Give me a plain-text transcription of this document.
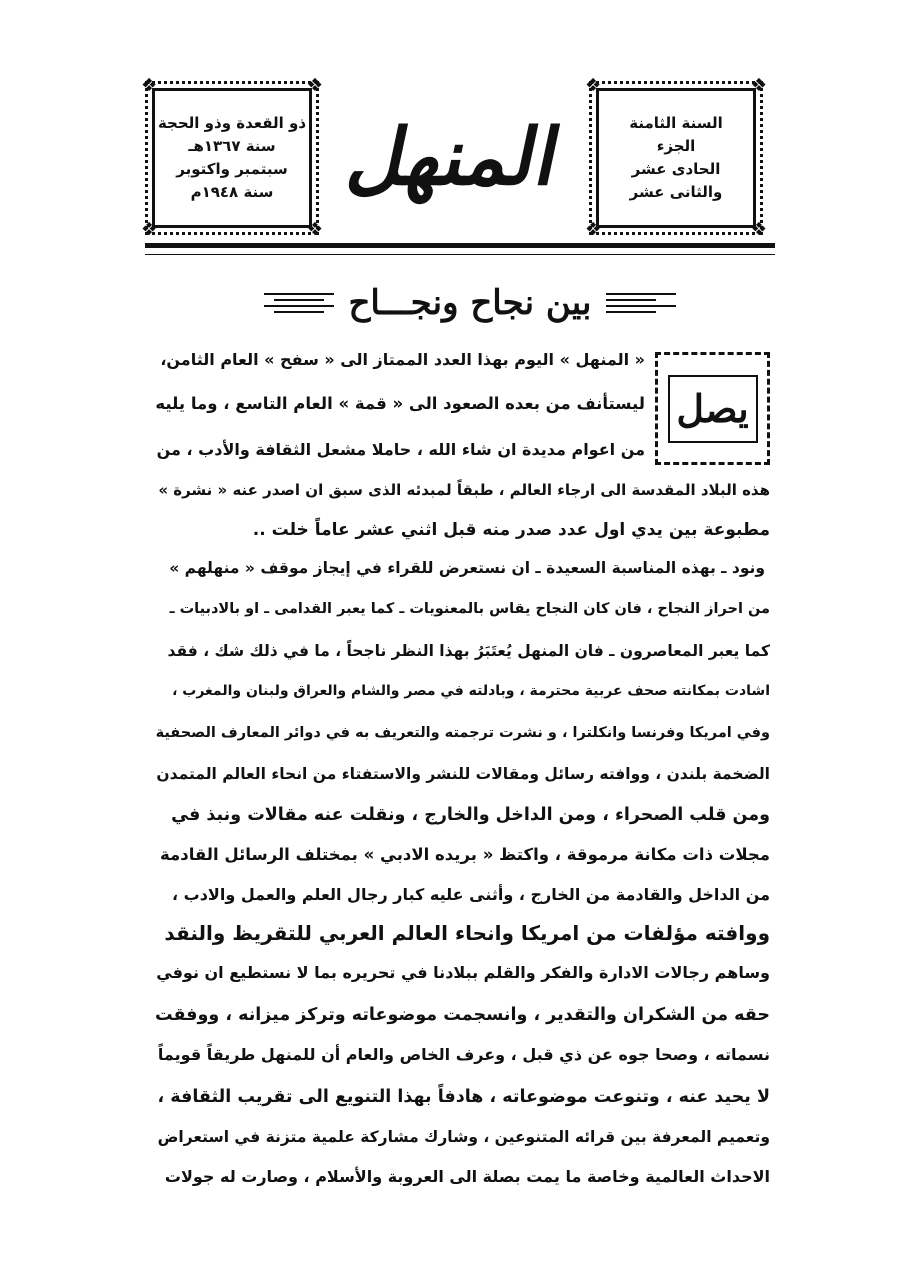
❖	❖
❖	❖
ذو القعدة وذو الحجة
سنة ١٣٦٧هـ
سبتمبر واكتوبر
سنة ١٩٤٨م المنهل
❖	❖
❖	❖
السنة الثامنة
الجزء
الحادى عشر
والثانى عشر
بين نجاح ونجـــاح
يصل
« المنهل » اليوم بهذا العدد الممتاز الى « سفح » العام الثامن،
ليستأنف من بعده الصعود الى « قمة » العام التاسع ، وما يليه
من اعوام مديدة ان شاء الله ، حاملا مشعل الثقافة والأدب ، من
هذه البلاد المقدسة الى ارجاء العالم ، طبقاً لمبدئه الذى سبق ان اصدر عنه « نشرة »
مطبوعة بين يدي اول عدد صدر منه قبل اثني عشر عاماً خلت ..
ونود ـ بهذه المناسبة السعيدة ـ ان نستعرض للقراء في إيجاز موقف « منهلهم »
من احراز النجاح ، فان كان النجاح يقاس بالمعنويات ـ كما يعبر القدامى ـ او بالادبيات ـ
كما يعبر المعاصرون ـ فان المنهل يُعتَبَرُ بهذا النظر ناجحاً ، ما في ذلك شك ، فقد
اشادت بمكانته صحف عربية محترمة ، وبادلته في مصر والشام والعراق ولبنان والمغرب ،
وفي امريكا وفرنسا وانكلترا ، و نشرت ترجمته والتعريف به في دوائر المعارف الصحفية
الضخمة بلندن ، ووافته رسائل ومقالات للنشر والاستفتاء من انحاء العالم المتمدن
ومن قلب الصحراء ، ومن الداخل والخارج ، ونقلت عنه مقالات ونبذ في
مجلات ذات مكانة مرموقة ، واكتظ « بريده الادبي » بمختلف الرسائل القادمة
من الداخل والقادمة من الخارج ، وأثنى عليه كبار رجال العلم والعمل والادب ،
ووافته مؤلفات من امريكا وانحاء العالم العربي للتقريظ والنقد
وساهم رجالات الادارة والفكر والقلم ببلادنا في تحريره بما لا نستطيع ان نوفي
حقه من الشكران والتقدير ، وانسجمت موضوعاته وتركز ميزانه ، ووفقت
نسماته ، وصحا جوه عن ذي قبل ، وعرف الخاص والعام أن للمنهل طريقاً قويماً
لا يحيد عنه ، وتنوعت موضوعاته ، هادفاً بهذا التنويع الى تقريب الثقافة ،
وتعميم المعرفة بين قرائه المتنوعين ، وشارك مشاركة علمية متزنة في استعراض
الاحداث العالمية وخاصة ما يمت بصلة الى العروبة والأسلام ، وصارت له جولات
